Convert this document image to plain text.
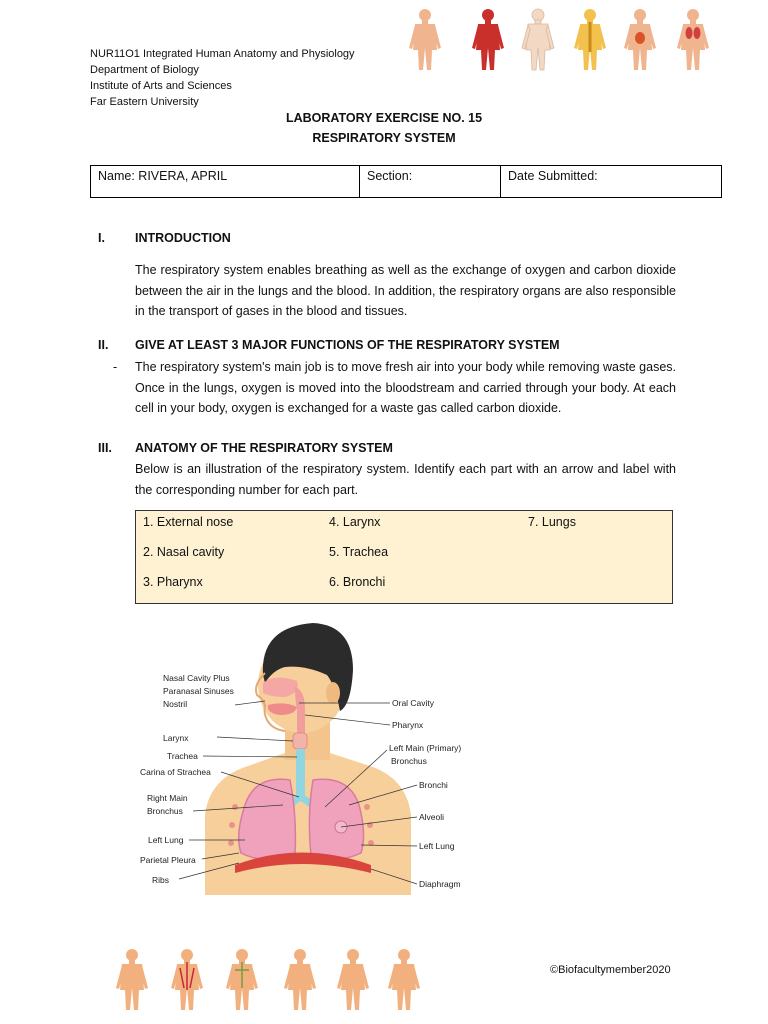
NUR11O1 Integrated Human Anatomy and Physiology
Department of Biology
Institute of Arts and Sciences
Far Eastern University
LABORATORY EXERCISE NO. 15
RESPIRATORY SYSTEM
Name: RIVERA, APRIL	Section:	Date Submitted:
I. INTRODUCTION
The respiratory system enables breathing as well as the exchange of oxygen and carbon dioxide between the air in the lungs and the blood. In addition, the respiratory organs are also responsible in the transport of gases in the blood and tissues.
II. GIVE AT LEAST 3 MAJOR FUNCTIONS OF THE RESPIRATORY SYSTEM
- The respiratory system's main job is to move fresh air into your body while removing waste gases. Once in the lungs, oxygen is moved into the bloodstream and carried through your body. At each cell in your body, oxygen is exchanged for a waste gas called carbon dioxide.
III. ANATOMY OF THE RESPIRATORY SYSTEM
Below is an illustration of the respiratory system. Identify each part with an arrow and label with the corresponding number for each part.
1. External nose
2. Nasal cavity
3. Pharynx
4. Larynx
5. Trachea
6. Bronchi
7. Lungs
Nasal Cavity Plus
Paranasal Sinuses
Nostril
Larynx
Trachea
Carina of Strachea
Right Main
Bronchus
Left Lung
Parietal Pleura
Ribs
Oral Cavity
Pharynx
Left Main (Primary)
Bronchus
Bronchi
Alveoli
Left Lung
Diaphragm
©Biofacultymember2020
